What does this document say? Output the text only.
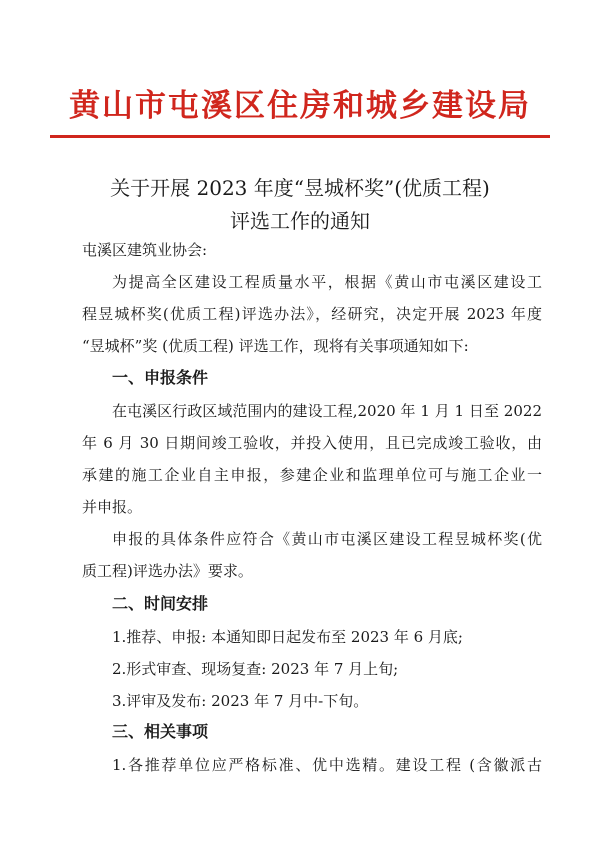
黄山市屯溪区住房和城乡建设局
关于开展 2023 年度“昱城杯奖”(优质工程)
评选工作的通知
屯溪区建筑业协会:
为提高全区建设工程质量水平，根据《黄山市屯溪区建设工
程昱城杯奖(优质工程)评选办法》，经研究，决定开展 2023 年度
“昱城杯”奖 (优质工程) 评选工作，现将有关事项通知如下:
一、申报条件
在屯溪区行政区域范围内的建设工程,2020 年 1 月 1 日至 2022
年 6 月 30 日期间竣工验收，并投入使用，且已完成竣工验收，由
承建的施工企业自主申报，参建企业和监理单位可与施工企业一
并申报。
申报的具体条件应符合《黄山市屯溪区建设工程昱城杯奖(优
质工程)评选办法》要求。
二、时间安排
1.推荐、申报: 本通知即日起发布至 2023 年 6 月底;
2.形式审查、现场复查: 2023 年 7 月上旬;
3.评审及发布: 2023 年 7 月中-下旬。
三、相关事项
1.各推荐单位应严格标准、优中选精。建设工程 (含徽派古
